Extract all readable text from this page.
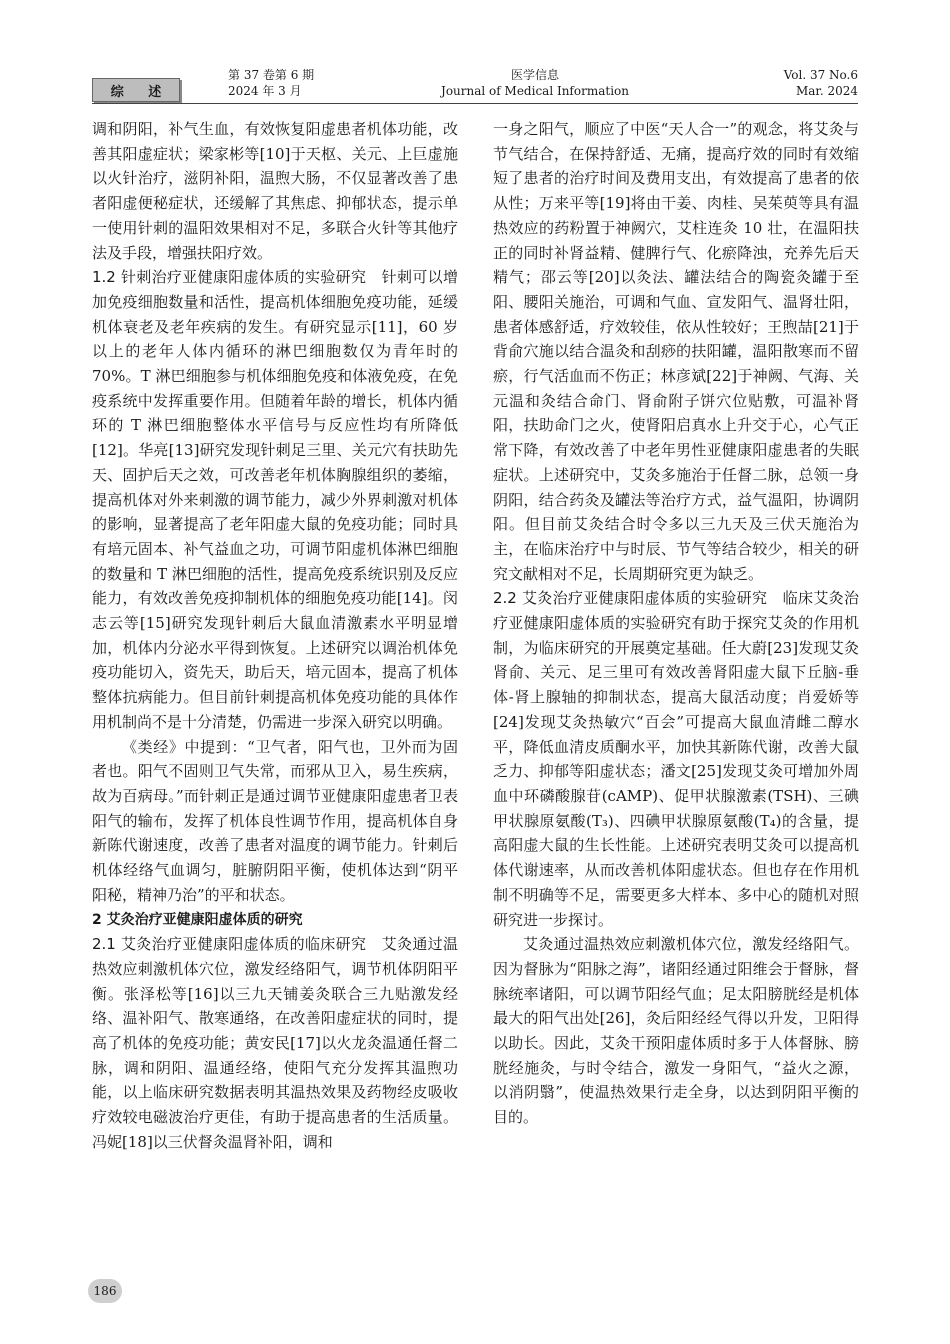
综 述
第 37 卷第 6 期
2024 年 3 月
医学信息
Journal of Medical Information
Vol. 37 No.6
Mar. 2024

调和阴阳，补气生血，有效恢复阳虚患者机体功能，改善其阳虚症状；梁家彬等[10]于天枢、关元、上巨虚施以火针治疗，滋阴补阳，温煦大肠，不仅显著改善了患者阳虚便秘症状，还缓解了其焦虑、抑郁状态，提示单一使用针刺的温阳效果相对不足，多联合火针等其他疗法及手段，增强扶阳疗效。

1.2 针刺治疗亚健康阳虚体质的实验研究　 针刺可以增加免疫细胞数量和活性，提高机体细胞免疫功能，延缓机体衰老及老年疾病的发生。有研究显示[11]，60 岁以上的老年人体内循环的淋巴细胞数仅为青年时的 70%。T 淋巴细胞参与机体细胞免疫和体液免疫，在免疫系统中发挥重要作用。但随着年龄的增长，机体内循环的 T 淋巴细胞整体水平信号与反应性均有所降低[12]。华亮[13]研究发现针刺足三里、关元穴有扶助先天、固护后天之效，可改善老年机体胸腺组织的萎缩，提高机体对外来刺激的调节能力，减少外界刺激对机体的影响，显著提高了老年阳虚大鼠的免疫功能；同时具有培元固本、补气益血之功，可调节阳虚机体淋巴细胞的数量和 T 淋巴细胞的活性，提高免疫系统识别及反应能力，有效改善免疫抑制机体的细胞免疫功能[14]。闵志云等[15]研究发现针刺后大鼠血清激素水平明显增加，机体内分泌水平得到恢复。上述研究以调治机体免疫功能切入，资先天，助后天，培元固本，提高了机体整体抗病能力。但目前针刺提高机体免疫功能的具体作用机制尚不是十分清楚，仍需进一步深入研究以明确。

《类经》中提到：“卫气者，阳气也，卫外而为固者也。阳气不固则卫气失常，而邪从卫入，易生疾病，故为百病母。”而针刺正是通过调节亚健康阳虚患者卫表阳气的输布，发挥了机体良性调节作用，提高机体自身新陈代谢速度，改善了患者对温度的调节能力。针刺后机体经络气血调匀，脏腑阴阳平衡，使机体达到“阴平阳秘，精神乃治”的平和状态。

2 艾灸治疗亚健康阳虚体质的研究

2.1 艾灸治疗亚健康阳虚体质的临床研究　 艾灸通过温热效应刺激机体穴位，激发经络阳气，调节机体阴阳平衡。张泽松等[16]以三九天铺姜灸联合三九贴激发经络、温补阳气、散寒通络，在改善阳虚症状的同时，提高了机体的免疫功能；黄安民[17]以火龙灸温通任督二脉，调和阴阳、温通经络，使阳气充分发挥其温煦功能，以上临床研究数据表明其温热效果及药物经皮吸收疗效较电磁波治疗更佳，有助于提高患者的生活质量。冯妮[18]以三伏督灸温肾补阳，调和

一身之阳气，顺应了中医“天人合一”的观念，将艾灸与节气结合，在保持舒适、无痛，提高疗效的同时有效缩短了患者的治疗时间及费用支出，有效提高了患者的依从性；万来平等[19]将由干姜、肉桂、吴茱萸等具有温热效应的药粉置于神阙穴，艾柱连灸 10 壮，在温阳扶正的同时补肾益精、健脾行气、化瘀降浊，充养先后天精气；邵云等[20]以灸法、罐法结合的陶瓷灸罐于至阳、腰阳关施治，可调和气血、宣发阳气、温肾壮阳，患者体感舒适，疗效较佳，依从性较好；王煦喆[21]于背俞穴施以结合温灸和刮痧的扶阳罐，温阳散寒而不留瘀，行气活血而不伤正；林彦斌[22]于神阙、气海、关元温和灸结合命门、肾俞附子饼穴位贴敷，可温补肾阳，扶助命门之火，使肾阳启真水上升交于心，心气正常下降，有效改善了中老年男性亚健康阳虚患者的失眠症状。上述研究中，艾灸多施治于任督二脉，总领一身阴阳，结合药灸及罐法等治疗方式，益气温阳，协调阴阳。但目前艾灸结合时令多以三九天及三伏天施治为主，在临床治疗中与时辰、节气等结合较少，相关的研究文献相对不足，长周期研究更为缺乏。

2.2 艾灸治疗亚健康阳虚体质的实验研究　 临床艾灸治疗亚健康阳虚体质的实验研究有助于探究艾灸的作用机制，为临床研究的开展奠定基础。任大蔚[23]发现艾灸肾俞、关元、足三里可有效改善肾阳虚大鼠下丘脑-垂体-肾上腺轴的抑制状态，提高大鼠活动度；肖爱娇等[24]发现艾灸热敏穴“百会”可提高大鼠血清雌二醇水平，降低血清皮质酮水平，加快其新陈代谢，改善大鼠乏力、抑郁等阳虚状态；潘文[25]发现艾灸可增加外周血中环磷酸腺苷(cAMP)、促甲状腺激素(TSH)、三碘甲状腺原氨酸(T₃)、四碘甲状腺原氨酸(T₄)的含量，提高阳虚大鼠的生长性能。上述研究表明艾灸可以提高机体代谢速率，从而改善机体阳虚状态。但也存在作用机制不明确等不足，需要更多大样本、多中心的随机对照研究进一步探讨。

艾灸通过温热效应刺激机体穴位，激发经络阳气。因为督脉为“阳脉之海”，诸阳经通过阳维会于督脉，督脉统率诸阳，可以调节阳经气血；足太阳膀胱经是机体最大的阳气出处[26]，灸后阳经经气得以升发，卫阳得以助长。因此，艾灸干预阳虚体质时多于人体督脉、膀胱经施灸，与时令结合，激发一身阳气，“益火之源，以消阴翳”，使温热效果行走全身，以达到阴阳平衡的目的。

186
